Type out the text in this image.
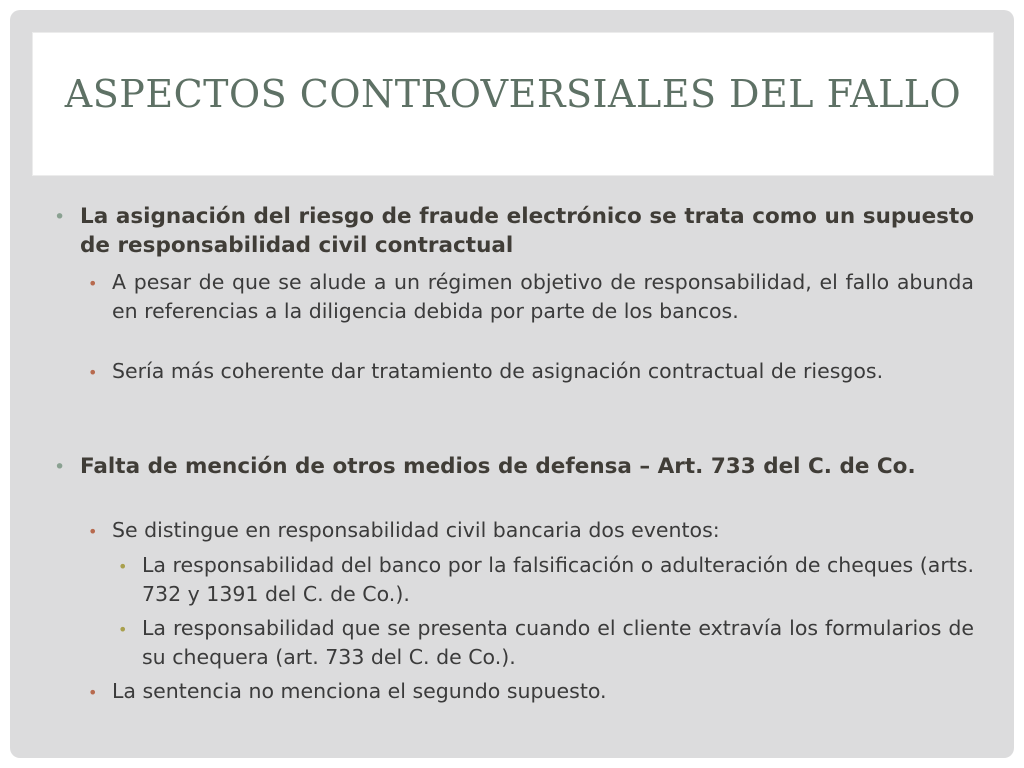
ASPECTOS CONTROVERSIALES DEL FALLO
• La asignación del riesgo de fraude electrónico se trata como un supuesto de responsabilidad civil contractual
• A pesar de que se alude a un régimen objetivo de responsabilidad, el fallo abunda en referencias a la diligencia debida por parte de los bancos.
• Sería más coherente dar tratamiento de asignación contractual de riesgos.
• Falta de mención de otros medios de defensa – Art. 733 del C. de Co.
• Se distingue en responsabilidad civil bancaria dos eventos:
• La responsabilidad del banco por la falsificación o adulteración de cheques (arts. 732 y 1391 del C. de Co.).
• La responsabilidad que se presenta cuando el cliente extravía los formularios de su chequera (art. 733 del C. de Co.).
• La sentencia no menciona el segundo supuesto.
